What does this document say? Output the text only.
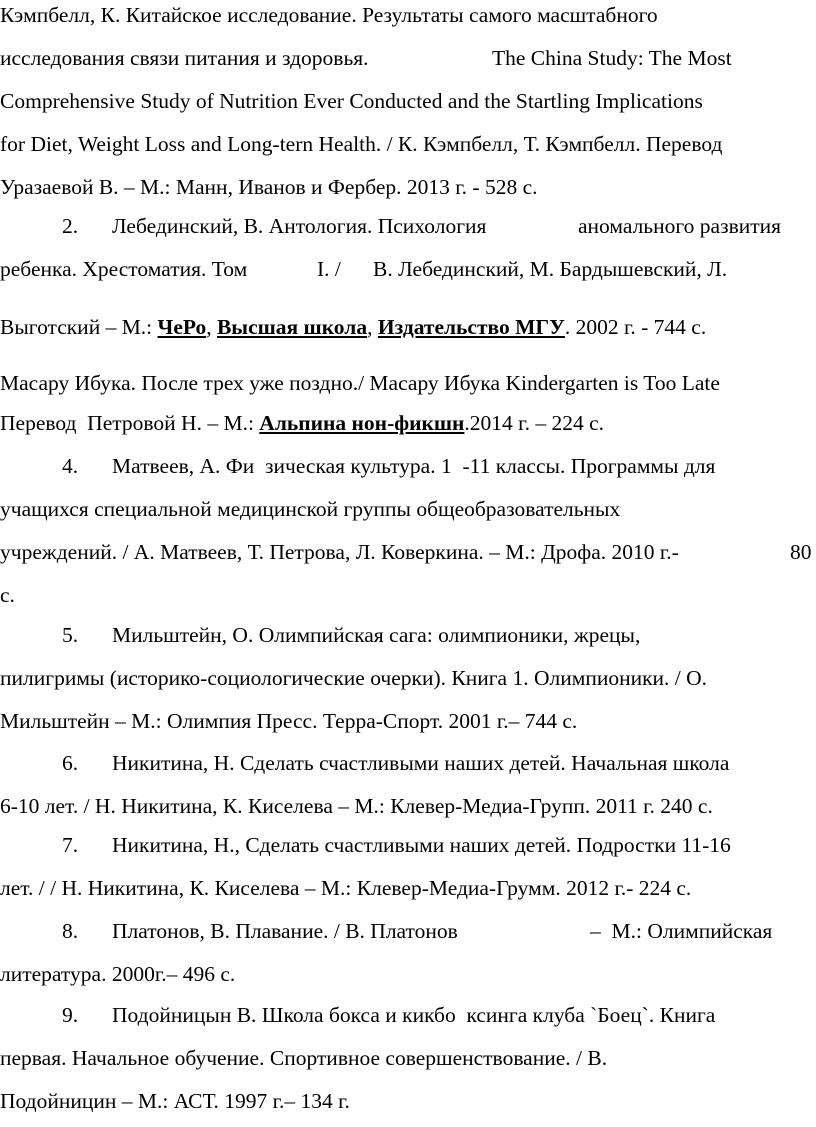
Кэмпбелл, К. Китайское исследование. Результаты самого масштабного
исследования связи питания и здоровья.	The China Study: The Most
Comprehensive Study of Nutrition Ever Conducted and the Startling Implications
for Diet, Weight Loss and Long-tern Health. / К. Кэмпбелл, Т. Кэмпбелл. Перевод
Уразаевой В. – М.: Манн, Иванов и Фербер. 2013 г. - 528 с.
2. Лебединский, В. Антология. Психология	аномального развития
ребенка. Хрестоматия. Том	I. / В. Лебединский, М. Бардышевский, Л.
Выготский – М.: ЧеРо, Высшая школа, Издательство МГУ. 2002 г. - 744 с.
Масару Ибука. После трех уже поздно./ Масару Ибука Kindergarten is Too Late
Перевод  Петровой Н. – М.: Альпина нон-фикшн.2014 г. – 224 с.
4. Матвеев, А. Фи  зическая культура. 1  -11 классы. Программы для
учащихся специальной медицинской группы общеобразовательных
учреждений. / А. Матвеев, Т. Петрова, Л. Коверкина. – М.: Дрофа. 2010 г.-	80
с.
5. Мильштейн, О. Олимпийская сага: олимпионики, жрецы,
пилигримы (историко-социологические очерки). Книга 1. Олимпионики. / О.
Мильштейн – М.: Олимпия Пресс. Терра-Спорт. 2001 г.– 744 с.
6. Никитина, Н. Сделать счастливыми наших детей. Начальная школа
6-10 лет. / Н. Никитина, К. Киселева – М.: Клевер-Медиа-Групп. 2011 г. 240 с.
7. Никитина, Н., Сделать счастливыми наших детей. Подростки 11-16
лет. / / Н. Никитина, К. Киселева – М.: Клевер-Медиа-Грумм. 2012 г.- 224 с.
8. Платонов, В. Плавание. / В. Платонов	–  М.: Олимпийская
литература. 2000г.– 496 с.
9. Подойницын В. Школа бокса и кикбо  ксинга клуба `Боец`. Книга
первая. Начальное обучение. Спортивное совершенствование. / В.
Подойницин – М.: АСТ. 1997 г.– 134 г.
